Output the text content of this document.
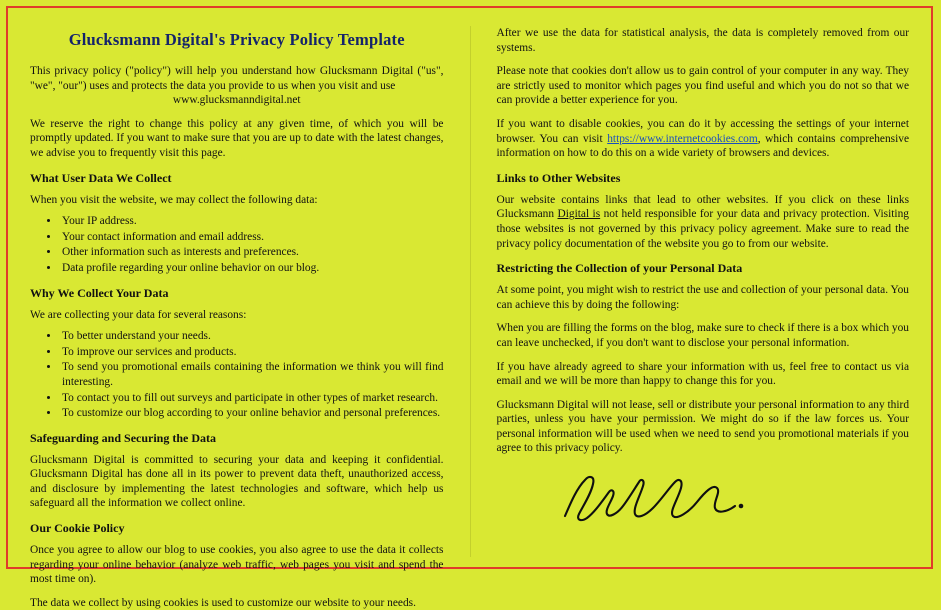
Glucksmann Digital's Privacy Policy Template

This privacy policy ("policy") will help you understand how Glucksmann Digital ("us", "we", "our") uses and protects the data you provide to us when you visit and use
www.glucksmanndigital.net

We reserve the right to change this policy at any given time, of which you will be promptly updated. If you want to make sure that you are up to date with the latest changes, we advise you to frequently visit this page.

What User Data We Collect

When you visit the website, we may collect the following data:

• Your IP address.
• Your contact information and email address.
• Other information such as interests and preferences.
• Data profile regarding your online behavior on our blog.
Why We Collect Your Data

We are collecting your data for several reasons:

• To better understand your needs.
• To improve our services and products.
• To send you promotional emails containing the information we think you will find interesting.
• To contact you to fill out surveys and participate in other types of market research.
• To customize our blog according to your online behavior and personal preferences.
Safeguarding and Securing the Data

Glucksmann Digital is committed to securing your data and keeping it confidential. Glucksmann Digital has done all in its power to prevent data theft, unauthorized access, and disclosure by implementing the latest technologies and software, which help us safeguard all the information we collect online.

Our Cookie Policy

Once you agree to allow our blog to use cookies, you also agree to use the data it collects regarding your online behavior (analyze web traffic, web pages you visit and spend the most time on).

The data we collect by using cookies is used to customize our website to your needs.

After we use the data for statistical analysis, the data is completely removed from our systems.

Please note that cookies don't allow us to gain control of your computer in any way. They are strictly used to monitor which pages you find useful and which you do not so that we can provide a better experience for you.

If you want to disable cookies, you can do it by accessing the settings of your internet browser. You can visit https://www.internetcookies.com, which contains comprehensive information on how to do this on a wide variety of browsers and devices.

Links to Other Websites

Our website contains links that lead to other websites. If you click on these links Glucksmann Digital is not held responsible for your data and privacy protection. Visiting those websites is not governed by this privacy policy agreement. Make sure to read the privacy policy documentation of the website you go to from our website.

Restricting the Collection of your Personal Data

At some point, you might wish to restrict the use and collection of your personal data. You can achieve this by doing the following:

When you are filling the forms on the blog, make sure to check if there is a box which you can leave unchecked, if you don't want to disclose your personal information.

If you have already agreed to share your information with us, feel free to contact us via email and we will be more than happy to change this for you.

Glucksmann Digital will not lease, sell or distribute your personal information to any third parties, unless you have your permission. We might do so if the law forces us. Your personal information will be used when we need to send you promotional materials if you agree to this privacy policy.
